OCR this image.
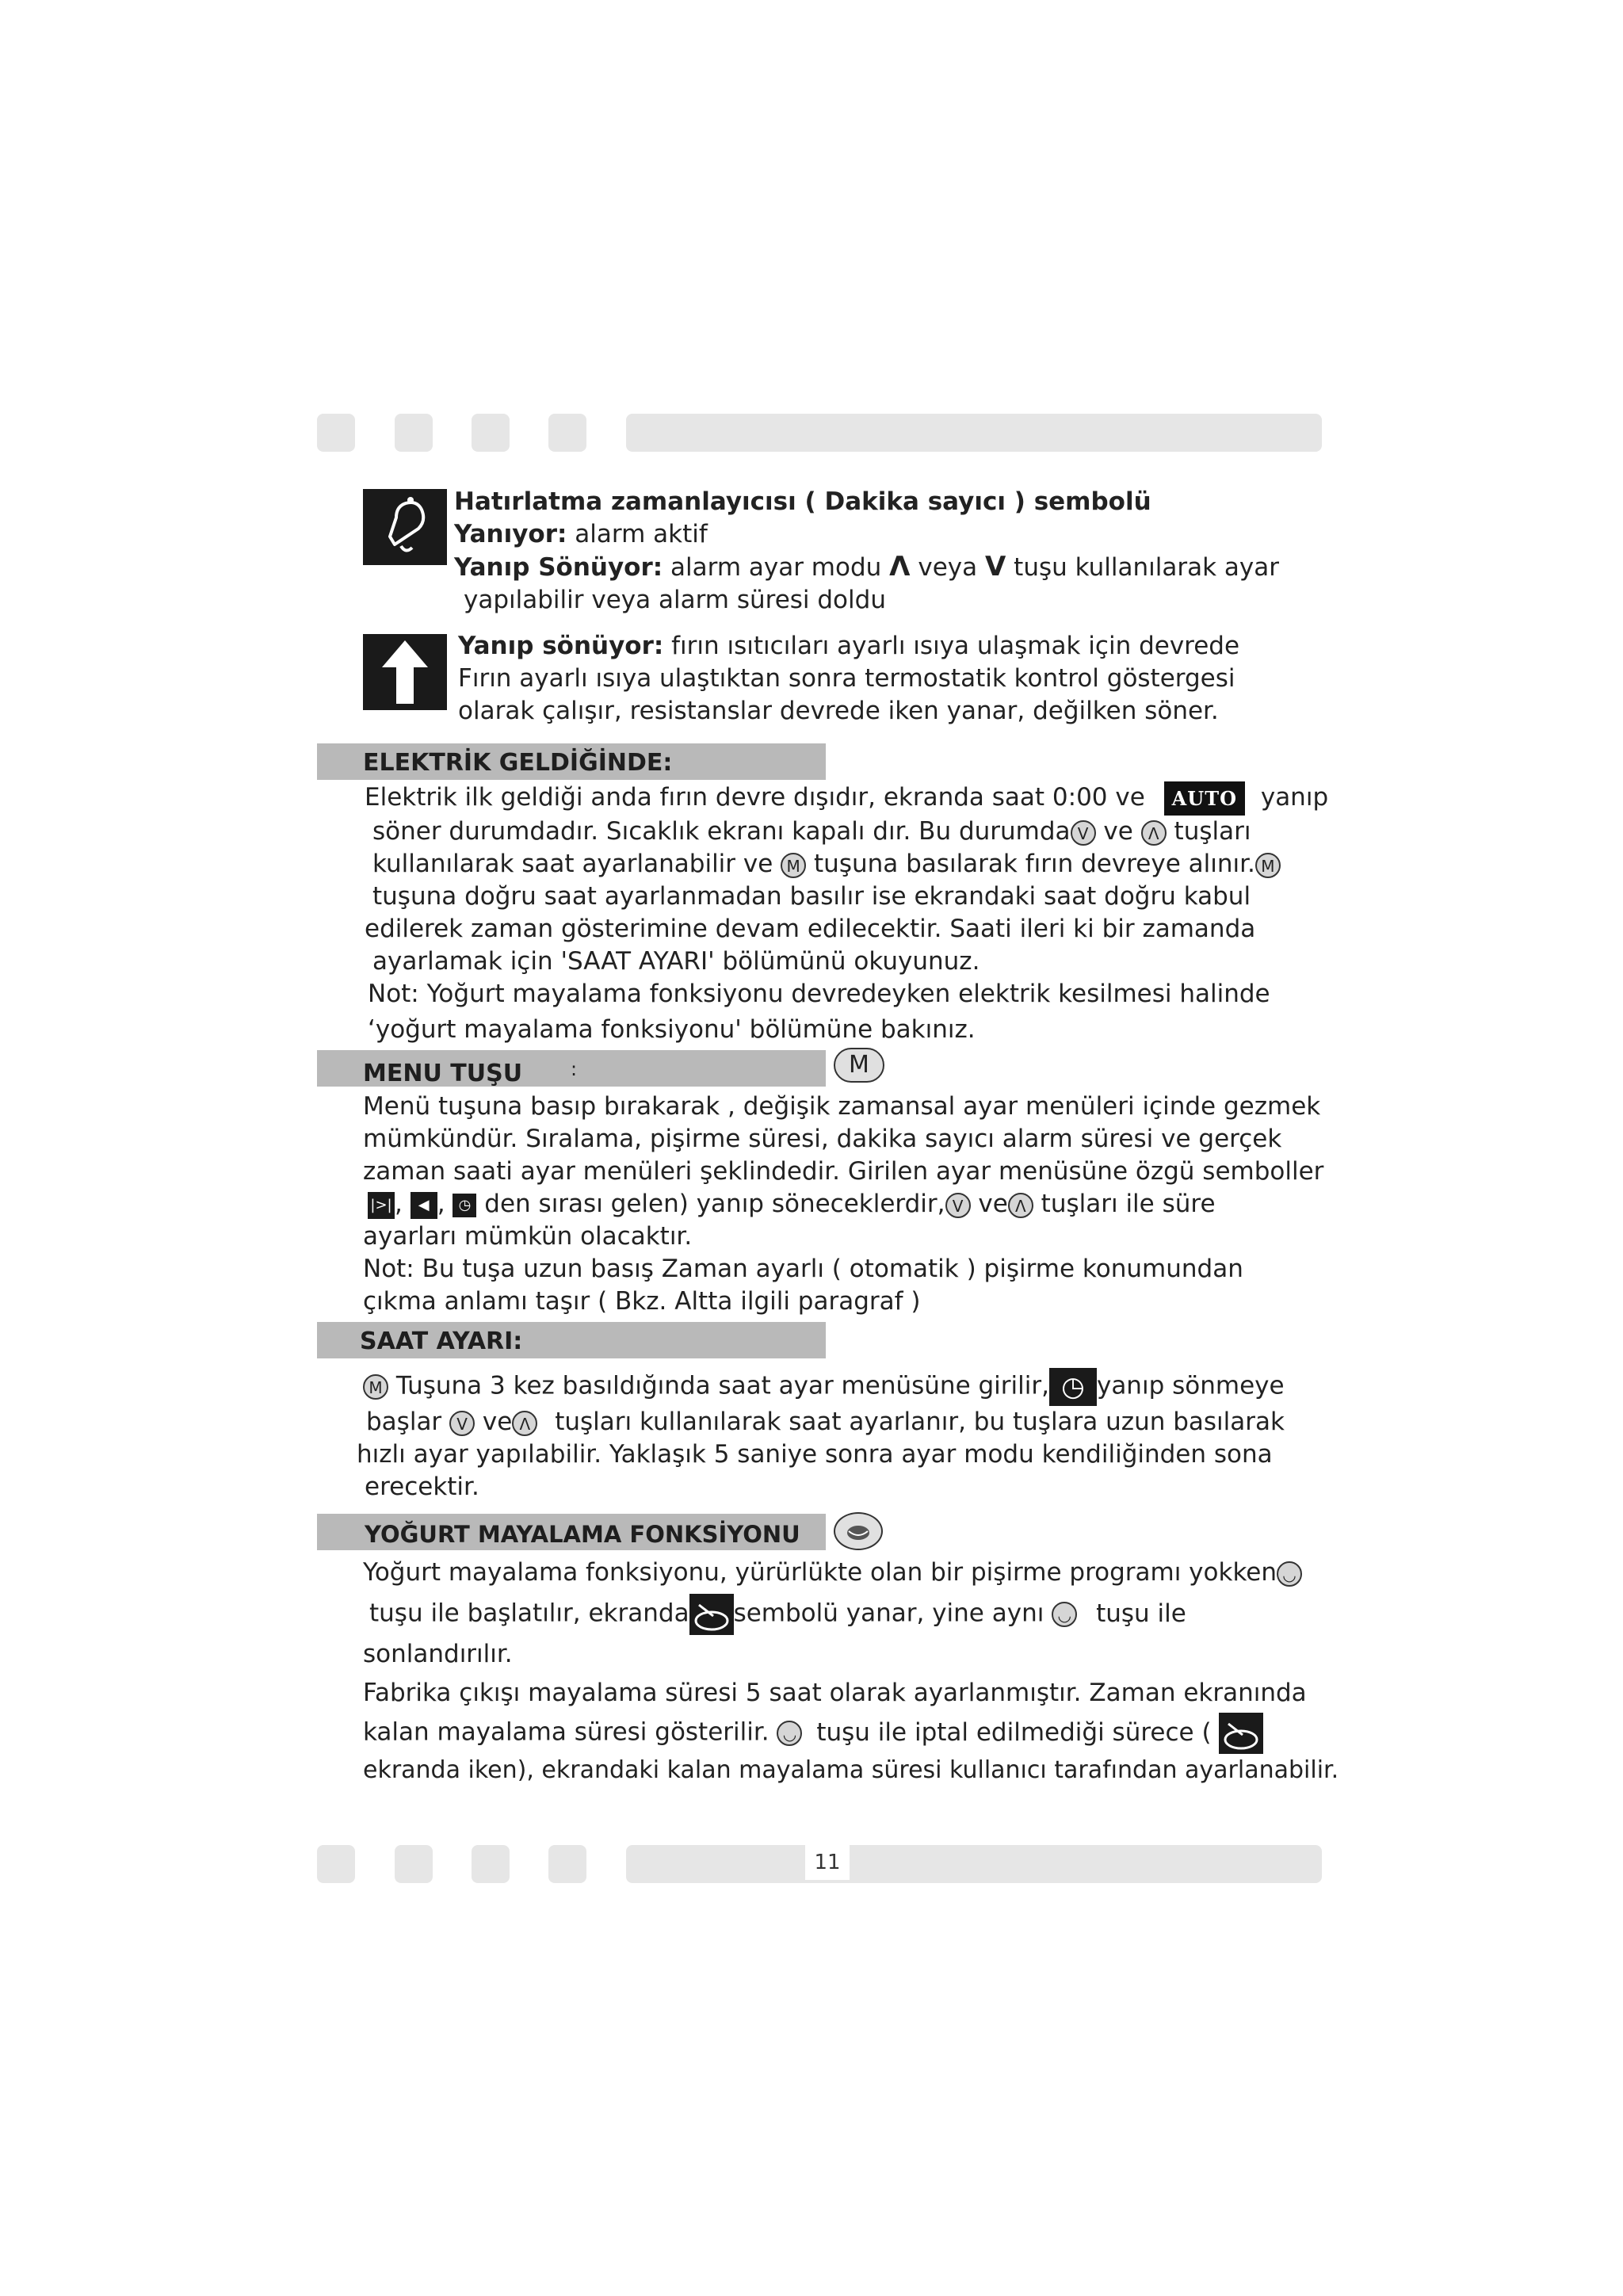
Hatırlatma zamanlayıcısı ( Dakika sayıcı ) sembolü
Yanıyor: alarm aktif
Yanıp Sönüyor: alarm ayar modu Λ veya V tuşu kullanılarak ayar
yapılabilir veya alarm süresi doldu
Yanıp sönüyor: fırın ısıtıcıları ayarlı ısıya ulaşmak için devrede
Fırın ayarlı ısıya ulaştıktan sonra termostatik kontrol göstergesi
olarak çalışır, resistanslar devrede iken yanar, değilken söner.
ELEKTRİK GELDİĞİNDE:
Elektrik ilk geldiği anda fırın devre dışıdır, ekranda saat 0:00 ve AUTO yanıp
söner durumdadır. Sıcaklık ekranı kapalı dır. Bu durumda V ve Λ tuşları
kullanılarak saat ayarlanabilir ve M tuşuna basılarak fırın devreye alınır. M
tuşuna doğru saat ayarlanmadan basılır ise ekrandaki saat doğru kabul
edilerek zaman gösterimine devam edilecektir. Saati ileri ki bir zamanda
ayarlamak için 'SAAT AYARI' bölümünü okuyunuz.
Not: Yoğurt mayalama fonksiyonu devredeyken elektrik kesilmesi halinde
‘yoğurt mayalama fonksiyonu' bölümüne bakınız.
MENU TUŞU	:	M
Menü tuşuna basıp bırakarak , değişik zamansal ayar menüleri içinde gezmek
mümkündür. Sıralama, pişirme süresi, dakika sayıcı alarm süresi ve gerçek
zaman saati ayar menüleri şeklindedir. Girilen ayar menüsüne özgü semboller
|>| , ◀ , ◷ den sırası gelen) yanıp söneceklerdir, V ve Λ tuşları ile süre
ayarları mümkün olacaktır.
Not: Bu tuşa uzun basış Zaman ayarlı ( otomatik ) pişirme konumundan
çıkma anlamı taşır ( Bkz. Altta ilgili paragraf )
SAAT AYARI:
M Tuşuna 3 kez basıldığında saat ayar menüsüne girilir, ◷ yanıp sönmeye
başlar V ve Λ tuşları kullanılarak saat ayarlanır, bu tuşlara uzun basılarak
hızlı ayar yapılabilir. Yaklaşık 5 saniye sonra ayar modu kendiliğinden sona
erecektir.
YOĞURT MAYALAMA FONKSİYONU
Yoğurt mayalama fonksiyonu, yürürlükte olan bir pişirme programı yokken ◡
tuşu ile başlatılır, ekranda sembolü yanar, yine aynı ◡ tuşu ile
sonlandırılır.
Fabrika çıkışı mayalama süresi 5 saat olarak ayarlanmıştır. Zaman ekranında
kalan mayalama süresi gösterilir. ◡ tuşu ile iptal edilmediği sürece (
ekranda iken), ekrandaki kalan mayalama süresi kullanıcı tarafından ayarlanabilir.
11
